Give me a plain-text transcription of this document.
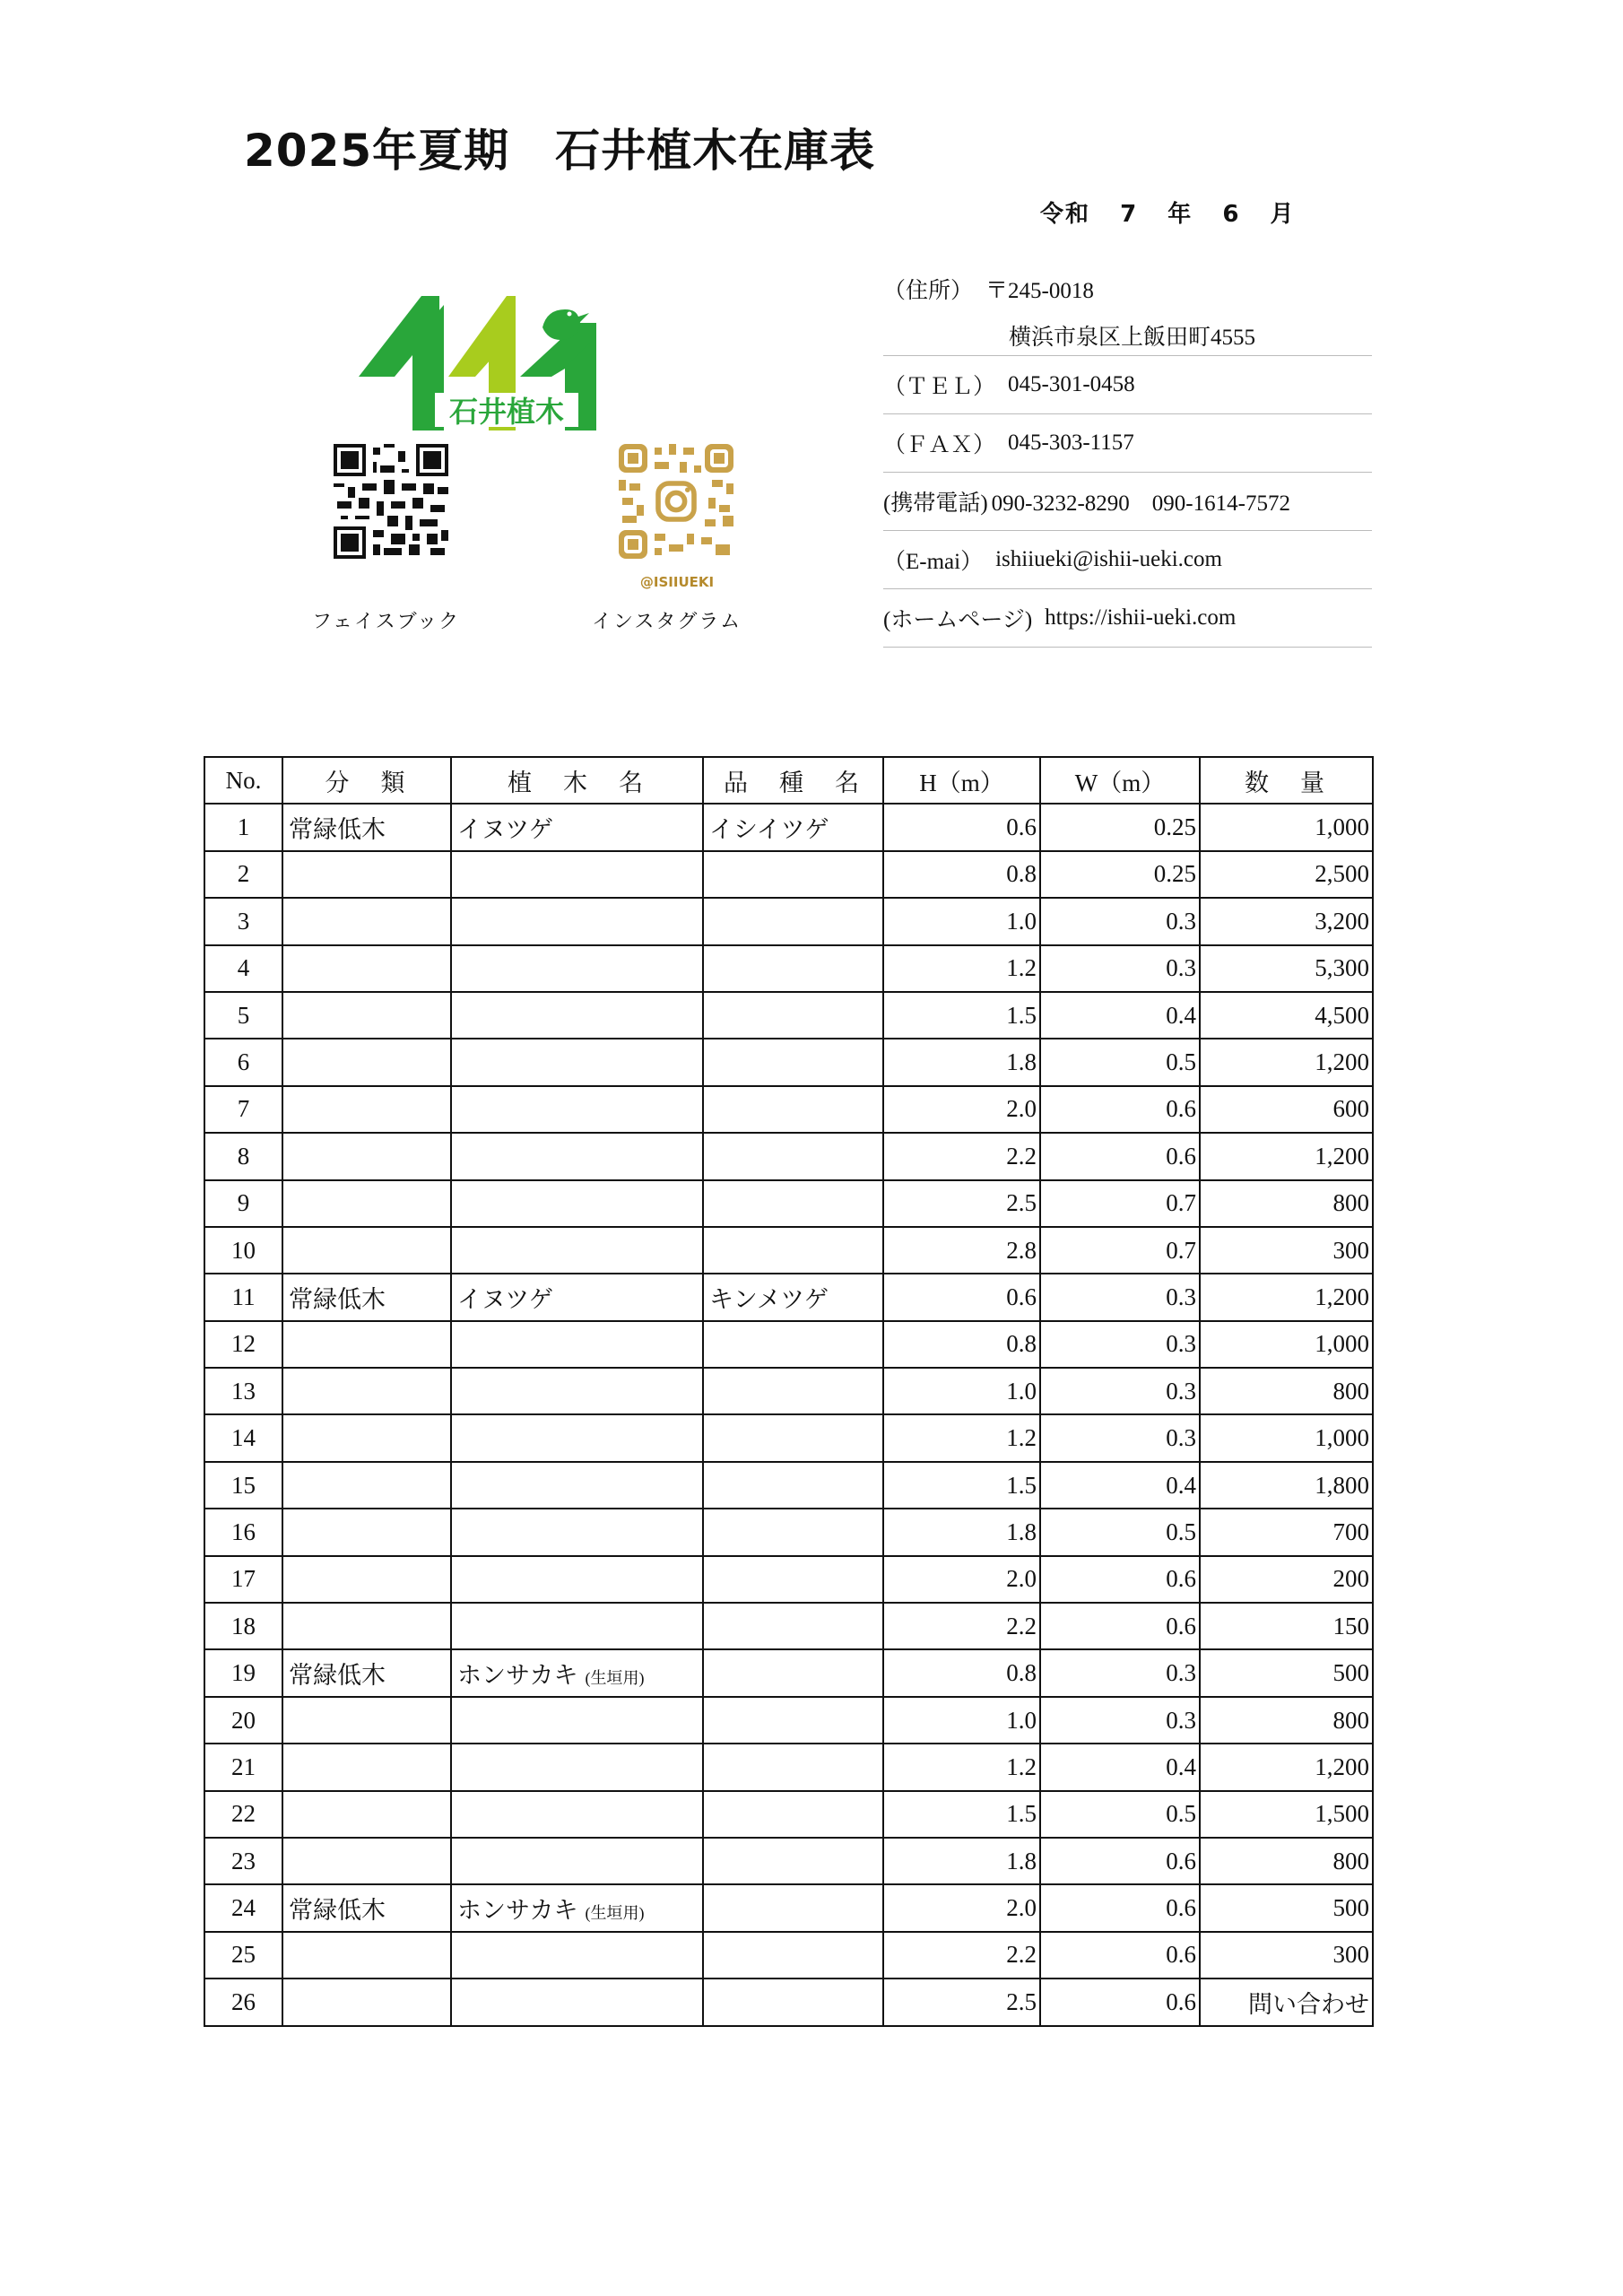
2025年夏期　石井植木在庫表
令和 7 年 6 月
石井植木
@ISIIUEKI
フェイスブック	インスタグラム
（住所） 〒245-0018
横浜市泉区上飯田町4555
（ＴＥＬ） 045-301-0458
（ＦＡＸ） 045-303-1157
(携帯電話) 090-3232-8290　090-1614-7572
（E-mai） ishiiueki@ishii-ueki.com
(ホームページ) https://ishii-ueki.com
No.	分　類	植　木　名	品　種　名	H（m）	W（m）	数　量
1	常緑低木	イヌツゲ	イシイツゲ	0.6	0.25	1,000
2				0.8	0.25	2,500
3				1.0	0.3	3,200
4				1.2	0.3	5,300
5				1.5	0.4	4,500
6				1.8	0.5	1,200
7				2.0	0.6	600
8				2.2	0.6	1,200
9				2.5	0.7	800
10				2.8	0.7	300
11	常緑低木	イヌツゲ	キンメツゲ	0.6	0.3	1,200
12				0.8	0.3	1,000
13				1.0	0.3	800
14				1.2	0.3	1,000
15				1.5	0.4	1,800
16				1.8	0.5	700
17				2.0	0.6	200
18				2.2	0.6	150
19	常緑低木	ホンサカキ (生垣用)		0.8	0.3	500
20				1.0	0.3	800
21				1.2	0.4	1,200
22				1.5	0.5	1,500
23				1.8	0.6	800
24	常緑低木	ホンサカキ (生垣用)		2.0	0.6	500
25				2.2	0.6	300
26				2.5	0.6	問い合わせ
